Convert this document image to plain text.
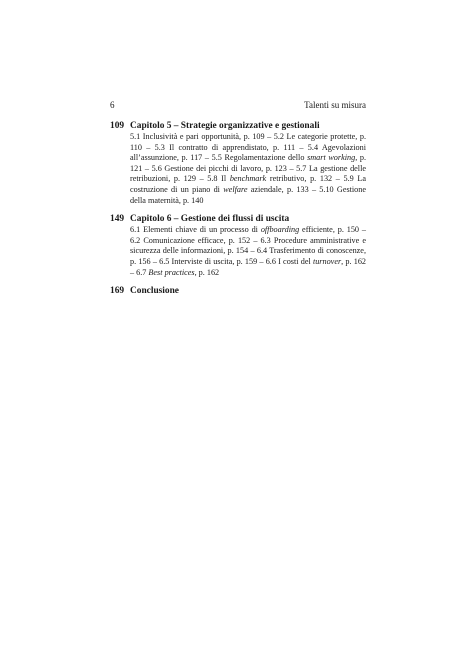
6	Talenti su misura
109 Capitolo 5 – Strategie organizzative e gestionali
5.1 Inclusività e pari opportunità, p. 109 – 5.2 Le categorie protette, p. 110 – 5.3 Il contratto di apprendistato, p. 111 – 5.4 Agevolazioni all’assunzione, p. 117 – 5.5 Regolamentazione dello smart working, p. 121 – 5.6 Gestione dei picchi di lavoro, p. 123 – 5.7 La gestione delle retribuzioni, p. 129 – 5.8 Il benchmark retributivo, p. 132 – 5.9 La costruzione di un piano di welfare aziendale, p. 133 – 5.10 Gestione della maternità, p. 140
149 Capitolo 6 – Gestione dei flussi di uscita
6.1 Elementi chiave di un processo di offboarding efficiente, p. 150 – 6.2 Comunicazione efficace, p. 152 – 6.3 Procedure amministrative e sicurezza delle informazioni, p. 154 – 6.4 Trasferimento di conoscenze, p. 156 – 6.5 Interviste di uscita, p. 159 – 6.6 I costi del turnover, p. 162 – 6.7 Best practices, p. 162
169 Conclusione
